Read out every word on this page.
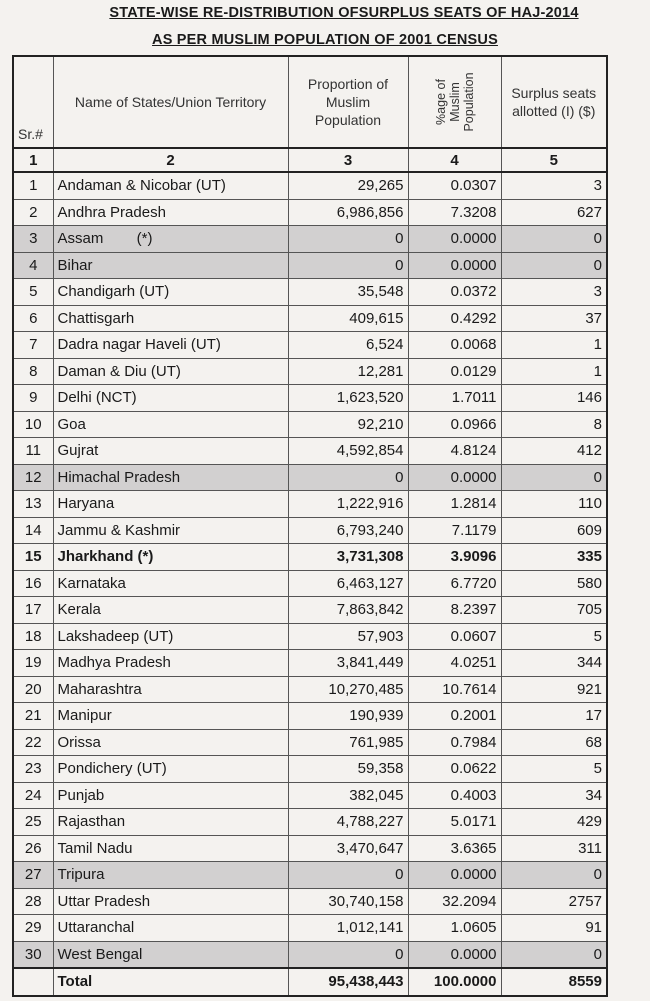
STATE-WISE RE-DISTRIBUTION OFSURPLUS SEATS OF HAJ-2014
AS PER MUSLIM POPULATION OF 2001 CENSUS
Sr.#	Name of States/Union Territory	Proportion of Muslim Population	%age of Muslim Population	Surplus seats allotted (I) ($)
1	2	3	4	5
1	Andaman & Nicobar (UT)	29,265	0.0307	3
2	Andhra Pradesh	6,986,856	7.3208	627
3	Assam        (*)	0	0.0000	0
4	Bihar	0	0.0000	0
5	Chandigarh (UT)	35,548	0.0372	3
6	Chattisgarh	409,615	0.4292	37
7	Dadra nagar Haveli (UT)	6,524	0.0068	1
8	Daman & Diu (UT)	12,281	0.0129	1
9	Delhi (NCT)	1,623,520	1.7011	146
10	Goa	92,210	0.0966	8
11	Gujrat	4,592,854	4.8124	412
12	Himachal Pradesh	0	0.0000	0
13	Haryana	1,222,916	1.2814	110
14	Jammu & Kashmir	6,793,240	7.1179	609
15	Jharkhand (*)	3,731,308	3.9096	335
16	Karnataka	6,463,127	6.7720	580
17	Kerala	7,863,842	8.2397	705
18	Lakshadeep (UT)	57,903	0.0607	5
19	Madhya Pradesh	3,841,449	4.0251	344
20	Maharashtra	10,270,485	10.7614	921
21	Manipur	190,939	0.2001	17
22	Orissa	761,985	0.7984	68
23	Pondichery (UT)	59,358	0.0622	5
24	Punjab	382,045	0.4003	34
25	Rajasthan	4,788,227	5.0171	429
26	Tamil Nadu	3,470,647	3.6365	311
27	Tripura	0	0.0000	0
28	Uttar Pradesh	30,740,158	32.2094	2757
29	Uttaranchal	1,012,141	1.0605	91
30	West Bengal	0	0.0000	0
	Total	95,438,443	100.0000	8559
